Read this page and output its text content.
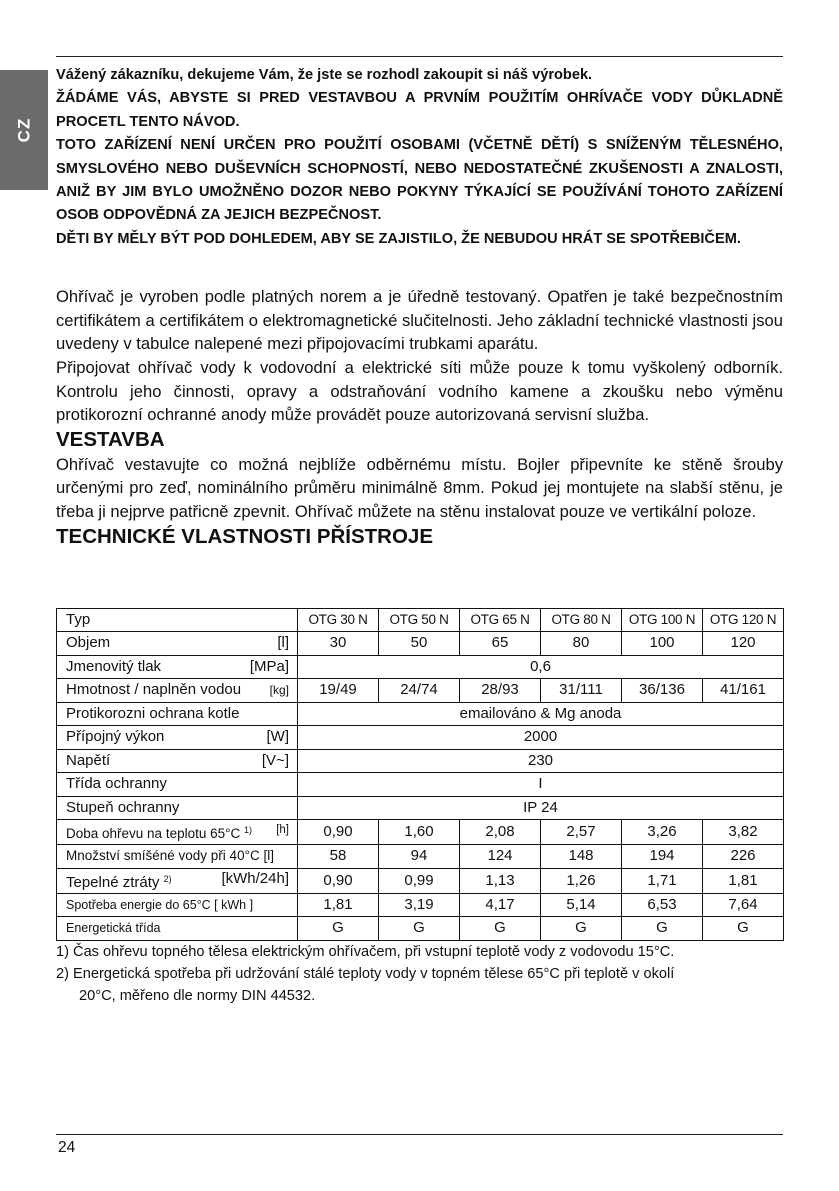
CZ

Vážený zákazníku, dekujeme Vám, že jste se rozhodl zakoupit si náš výrobek.

ŽÁDÁME VÁS, ABYSTE SI PRED VESTAVBOU A PRVNÍM POUŽITÍM OHRÍVAČE VODY DŮKLADNĚ PROCETL TENTO NÁVOD.

TOTO ZAŘÍZENÍ NENÍ URČEN PRO POUŽITÍ OSOBAMI (VČETNĚ DĚTÍ) S SNÍŽENÝM TĚLESNÉHO, SMYSLOVÉHO NEBO DUŠEVNÍCH SCHOPNOSTÍ, NEBO NEDOSTATEČNÉ ZKUŠENOSTI A ZNALOSTI, ANIŽ BY JIM BYLO UMOŽNĚNO DOZOR NEBO POKYNY TÝKAJÍCÍ SE POUŽÍVÁNÍ TOHOTO ZAŘÍZENÍ OSOB ODPOVĚDNÁ ZA JEJICH BEZPEČNOST.

DĚTI BY MĚLY BÝT POD DOHLEDEM, ABY SE ZAJISTILO, ŽE NEBUDOU HRÁT SE SPOTŘEBIČEM.

Ohřívač je vyroben podle platných norem a je úředně testovaný. Opatřen je také bezpečnostním certifikátem a certifikátem o elektromagnetické slučitelnosti. Jeho základní technické vlastnosti jsou uvedeny v tabulce nalepené mezi připojovacími trubkami aparátu.

Připojovat ohřívač vody k vodovodní a elektrické síti může pouze k tomu vyškolený odborník. Kontrolu jeho činnosti, opravy a odstraňování vodního kamene a zkoušku nebo výměnu protikorozní ochranné anody může provádět pouze autorizovaná servisní služba.

VESTAVBA

Ohřívač vestavujte co možná nejblíže odběrnému místu. Bojler připevníte ke stěně šrouby určenými pro zeď, nominálního průměru minimálně 8mm. Pokud jej montujete na slabší stěnu, je třeba ji nejprve patřicně zpevnit. Ohřívač můžete na stěnu instalovat pouze ve vertikální poloze.

TECHNICKÉ VLASTNOSTI PŘÍSTROJE
Typ	OTG 30 N	OTG 50 N	OTG 65 N	OTG 80 N	OTG 100 N	OTG 120 N
Objem [l]	30	50	65	80	100	120
Jmenovitý tlak [MPa]	0,6					
Hmotnost / naplněn vodou [kg]	19/49	24/74	28/93	31/111	36/136	41/161
Protikorozni ochrana kotle	emailováno & Mg anoda					
Přípojný výkon [W]	2000					
Napětí [V~]	230					
Třída ochranny	I					
Stupeň ochranny	IP 24					
Doba ohřevu na teplotu 65°C $^{1)}$ [h]	0,90	1,60	2,08	2,57	3,26	3,82
Množství smíšéné vody při 40°C [l]	58	94	124	148	194	226
Tepelné ztráty $^{2)}$ [kWh/24h]	0,90	0,99	1,13	1,26	1,71	1,81
Spotřeba energie do 65°C [ kWh ]	1,81	3,19	4,17	5,14	6,53	7,64
Energetická třída	G	G	G	G	G	G

1) Čas ohřevu topného tělesa elektrickým ohřívačem, při vstupní teplotě vody z vodovodu 15°C.

2) Energetická spotřeba při udržování stálé teploty vody v topném tělese 65°C při teplotě v okolí

20°C, měřeno dle normy DIN 44532.

24
